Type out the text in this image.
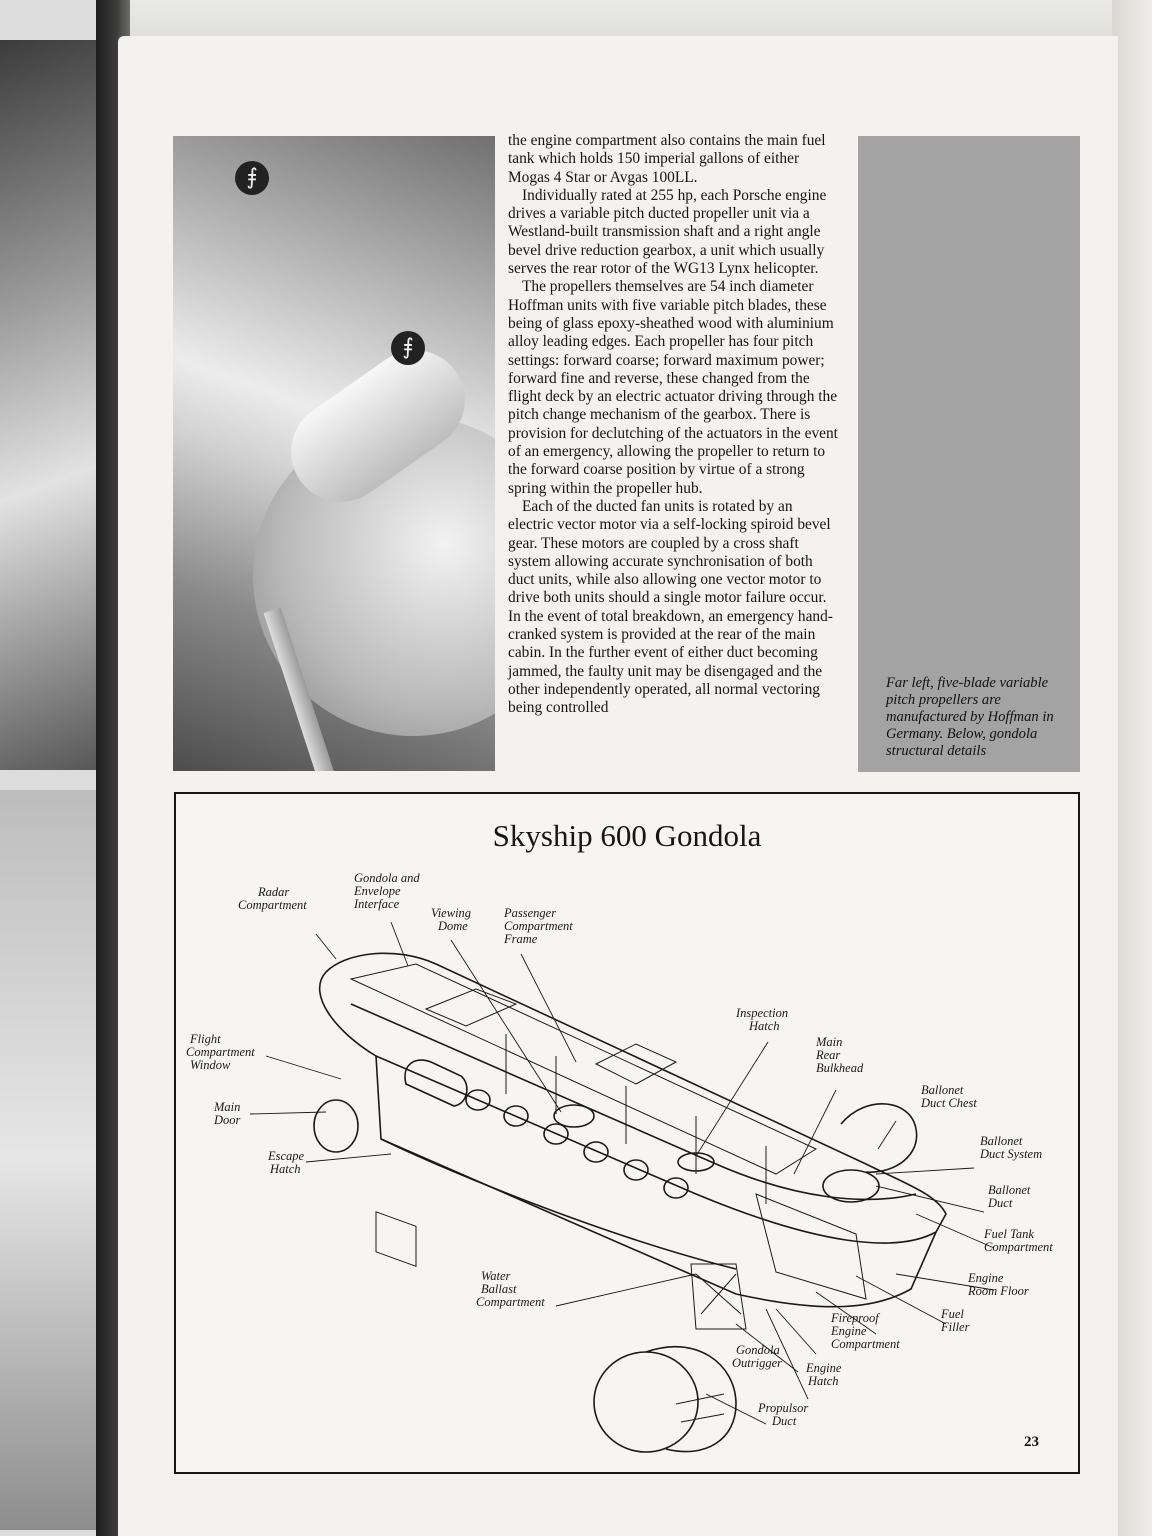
⨎
⨎

the engine compartment also contains the main fuel tank which holds 150 imperial gallons of either Mogas 4 Star or Avgas 100LL.

Individually rated at 255 hp, each Porsche engine drives a variable pitch ducted propeller unit via a Westland-built transmission shaft and a right angle bevel drive reduction gearbox, a unit which usually serves the rear rotor of the WG13 Lynx helicopter.

The propellers themselves are 54 inch diameter Hoffman units with five variable pitch blades, these being of glass epoxy-sheathed wood with aluminium alloy leading edges. Each propeller has four pitch settings: forward coarse; forward maximum power; forward fine and reverse, these changed from the flight deck by an electric actuator driving through the pitch change mechanism of the gearbox. There is provision for declutching of the actuators in the event of an emergency, allowing the propeller to return to the forward coarse position by virtue of a strong spring within the propeller hub.

Each of the ducted fan units is rotated by an electric vector motor via a self-locking spiroid bevel gear. These motors are coupled by a cross shaft system allowing accurate synchronisation of both duct units, while also allowing one vector motor to drive both units should a single motor failure occur. In the event of total breakdown, an emergency hand-cranked system is provided at the rear of the main cabin. In the further event of either duct becoming jammed, the faulty unit may be disengaged and the other independently operated, all normal vectoring being controlled

Far left, five-blade variable pitch propellers are manufactured by Hoffman in Germany. Below, gondola structural details
Skyship 600 Gondola
Radar Compartment
Gondola and Envelope Interface
Viewing Dome
Passenger Compartment Frame
Inspection Hatch
Main Rear Bulkhead
Ballonet Duct Chest
Ballonet Duct System
Ballonet Duct
Fuel Tank Compartment
Engine Room Floor
Fuel Filler
Fireproof Engine Compartment
Engine Hatch
Propulsor Duct
Gondola Outrigger
Water Ballast Compartment
Escape Hatch
Main Door
Flight Compartment Window
23
